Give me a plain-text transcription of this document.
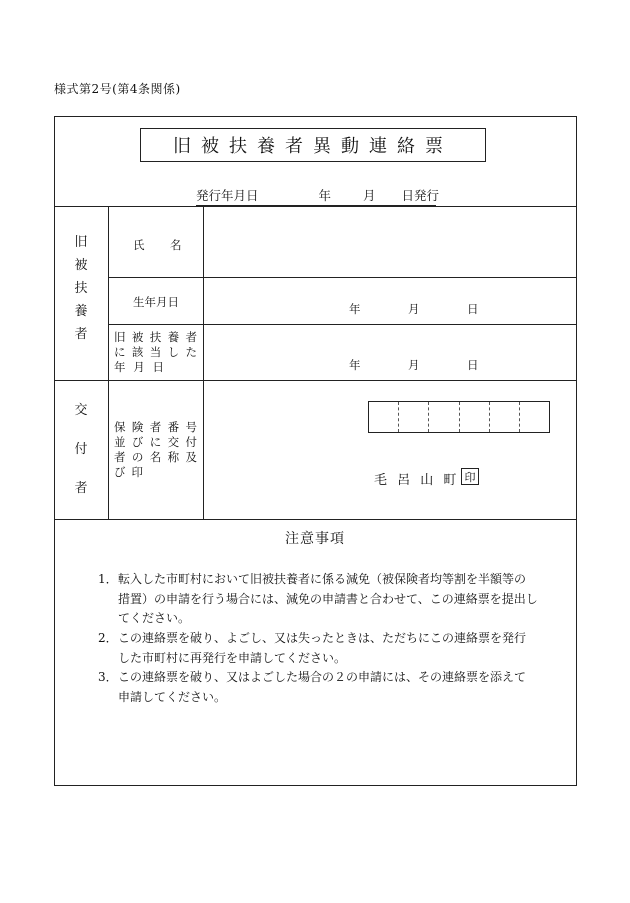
様式第2号(第4条関係)
旧被扶養者異動連絡票
発行年月日	年	月 日発行
旧
被
扶
養
者
氏 名
生年月日	年	月	日
旧 被 扶 養 者
に 該 当 し た
年 月 日	年	月	日
交
付
者
保 険 者 番 号
並 び に 交 付
者 の 名 称 及
び 印
毛 呂 山 町 印
注意事項
1．転入した市町村において旧被扶養者に係る減免（被保険者均等割を半額等の
措置）の申請を行う場合には、減免の申請書と合わせて、この連絡票を提出し
てください。
2．この連絡票を破り、よごし、又は失ったときは、ただちにこの連絡票を発行
した市町村に再発行を申請してください。
3．この連絡票を破り、又はよごした場合の２の申請には、その連絡票を添えて
申請してください。
